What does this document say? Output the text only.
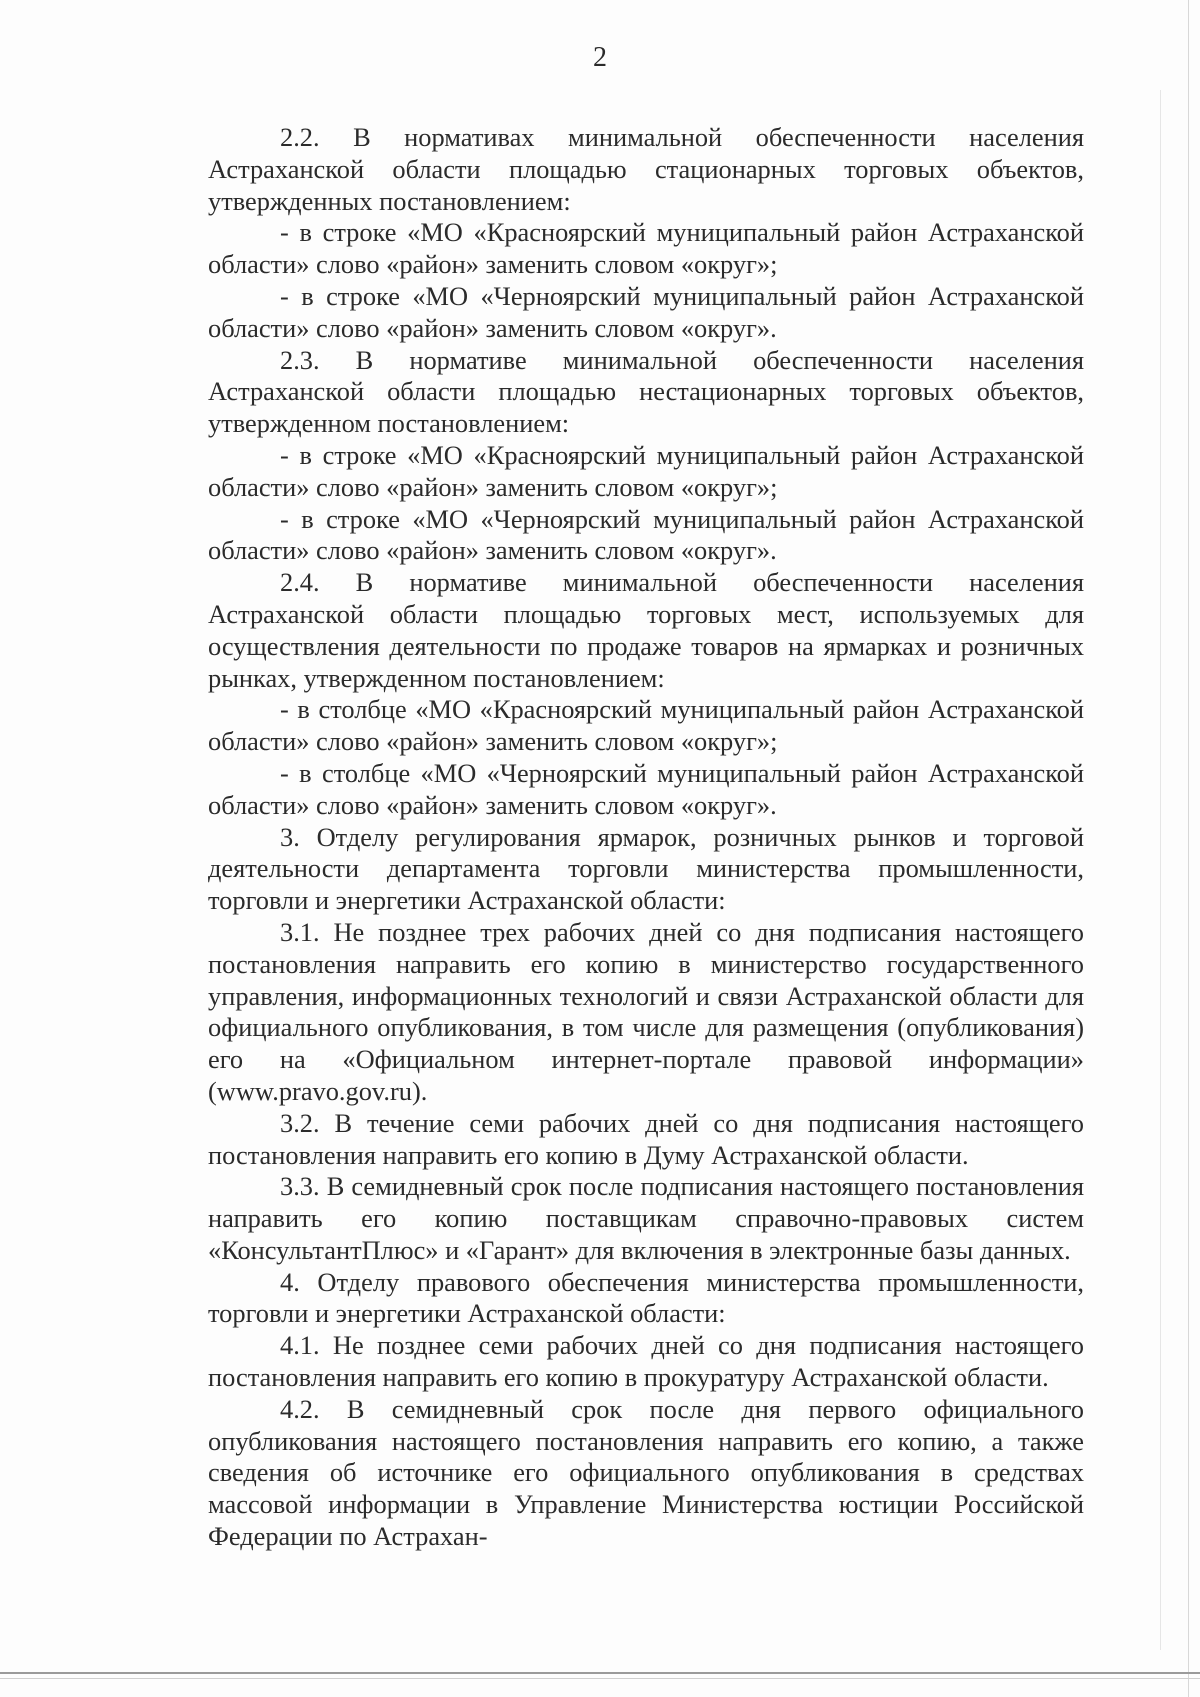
2

2.2. В нормативах минимальной обеспеченности населения Астраханской области площадью стационарных торговых объектов, утвержденных постановлением:

- в строке «МО «Красноярский муниципальный район Астраханской области» слово «район» заменить словом «округ»;

- в строке «МО «Черноярский муниципальный район Астраханской области» слово «район» заменить словом «округ».

2.3. В нормативе минимальной обеспеченности населения Астраханской области площадью нестационарных торговых объектов, утвержденном постановлением:

- в строке «МО «Красноярский муниципальный район Астраханской области» слово «район» заменить словом «округ»;

- в строке «МО «Черноярский муниципальный район Астраханской области» слово «район» заменить словом «округ».

2.4. В нормативе минимальной обеспеченности населения Астраханской области площадью торговых мест, используемых для осуществления деятельности по продаже товаров на ярмарках и розничных рынках, утвержденном постановлением:

- в столбце «МО «Красноярский муниципальный район Астраханской области» слово «район» заменить словом «округ»;

- в столбце «МО «Черноярский муниципальный район Астраханской области» слово «район» заменить словом «округ».

3. Отделу регулирования ярмарок, розничных рынков и торговой деятельности департамента торговли министерства промышленности, торговли и энергетики Астраханской области:

3.1. Не позднее трех рабочих дней со дня подписания настоящего постановления направить его копию в министерство государственного управления, информационных технологий и связи Астраханской области для официального опубликования, в том числе для размещения (опубликования) его на «Официальном интернет-портале правовой информации» (www.pravo.gov.ru).

3.2. В течение семи рабочих дней со дня подписания настоящего постановления направить его копию в Думу Астраханской области.

3.3. В семидневный срок после подписания настоящего постановления направить его копию поставщикам справочно-правовых систем «КонсультантПлюс» и «Гарант» для включения в электронные базы данных.

4. Отделу правового обеспечения министерства промышленности, торговли и энергетики Астраханской области:

4.1. Не позднее семи рабочих дней со дня подписания настоящего постановления направить его копию в прокуратуру Астраханской области.

4.2. В семидневный срок после дня первого официального опубликования настоящего постановления направить его копию, а также сведения об источнике его официального опубликования в средствах массовой информации в Управление Министерства юстиции Российской Федерации по Астрахан-
